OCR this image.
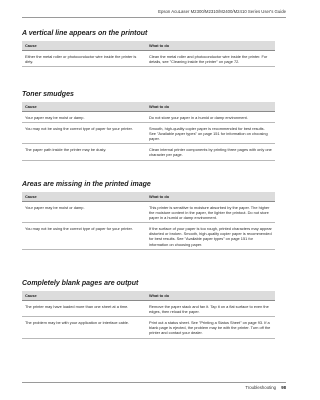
Epson AcuLaser M2300/M2310/M2400/M2410 Series User's Guide
A vertical line appears on the printout
Cause	What to do
Either the metal roller or photoconductor wire inside the printer is dirty.	Clean the metal roller and photoconductor wire inside the printer. For details, see "Cleaning inside the printer" on page 72.
Toner smudges
Cause	What to do
Your paper may be moist or damp.	Do not store your paper in a humid or damp environment.
You may not be using the correct type of paper for your printer.	Smooth, high-quality copier paper is recommended for best results. See "Available paper types" on page 151 for information on choosing paper.
The paper path inside the printer may be dusty.	Clean internal printer components by printing three pages with only one character per page.
Areas are missing in the printed image
Cause	What to do
Your paper may be moist or damp.	This printer is sensitive to moisture absorbed by the paper. The higher the moisture content in the paper, the lighter the printout. Do not store paper in a humid or damp environment.
You may not be using the correct type of paper for your printer.	If the surface of your paper is too rough, printed characters may appear distorted or broken. Smooth, high-quality copier paper is recommended for best results. See "Available paper types" on page 151 for information on choosing paper.
Completely blank pages are output
Cause	What to do
The printer may have loaded more than one sheet at a time.	Remove the paper stack and fan it. Tap it on a flat surface to even the edges, then reload the paper.
The problem may be with your application or interface cable.	Print out a status sheet. See "Printing a Status Sheet" on page 93. If a blank page is ejected, the problem may be with the printer. Turn off the printer and contact your dealer.
Troubleshooting 98
